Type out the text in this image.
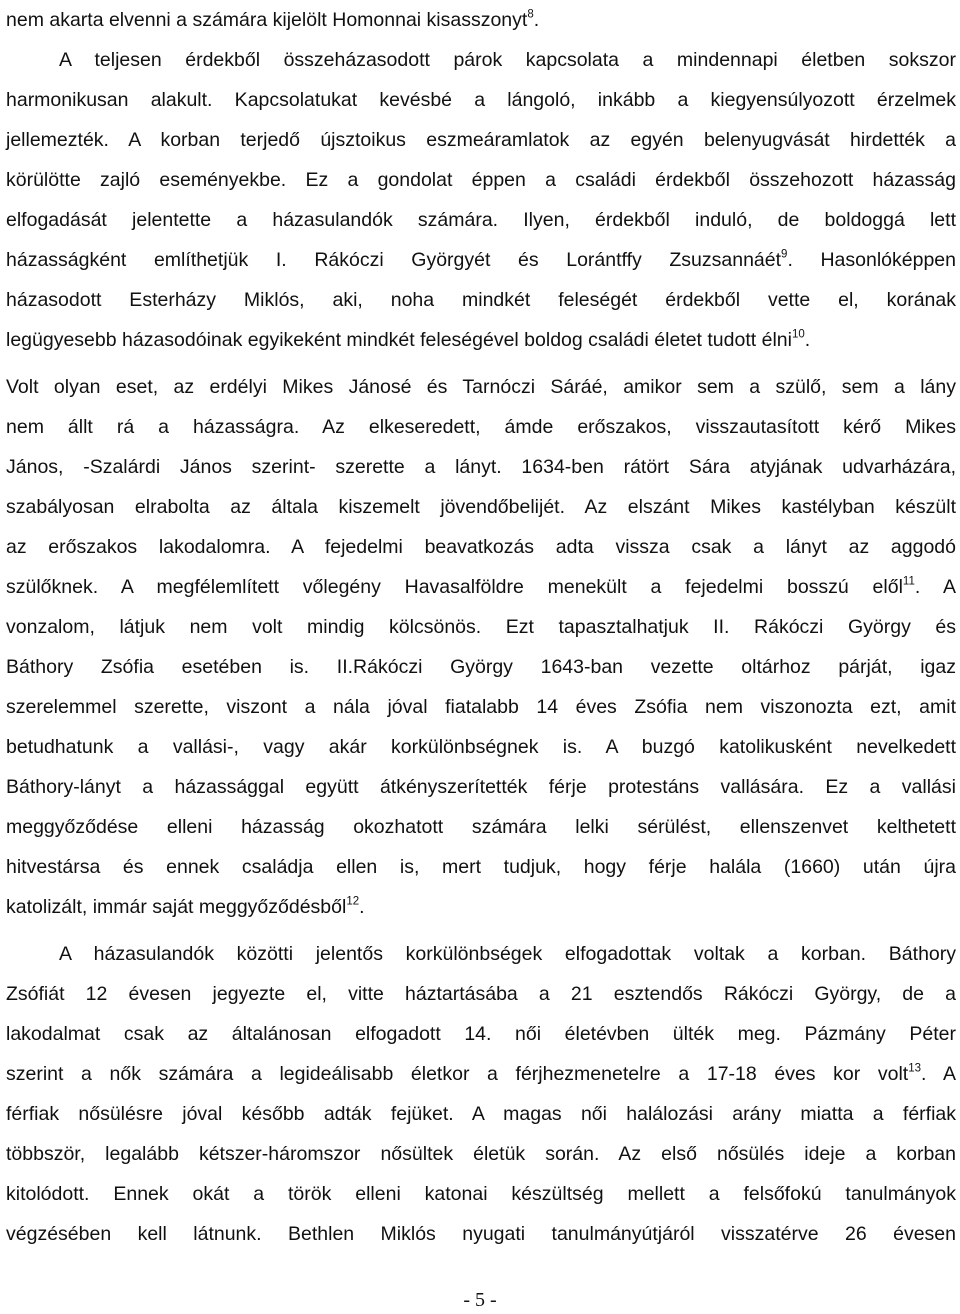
nem akarta elvenni a számára kijelölt Homonnai kisasszonyt$^8$.
A teljesen érdekből összeházasodott párok kapcsolata a mindennapi életben sokszor
harmonikusan alakult. Kapcsolatukat kevésbé a lángoló, inkább a kiegyensúlyozott érzelmek
jellemezték. A korban terjedő újsztoikus eszmeáramlatok az egyén belenyugvását hirdették a
körülötte zajló eseményekbe. Ez a gondolat éppen a családi érdekből összehozott házasság
elfogadását jelentette a házasulandók számára. Ilyen, érdekből induló, de boldoggá lett
házasságként említhetjük I. Rákóczi Györgyét és Lorántffy Zsuzsannáét$^9$. Hasonlóképpen
házasodott Esterházy Miklós, aki, noha mindkét feleségét érdekből vette el, korának
legügyesebb házasodóinak egyikeként mindkét feleségével boldog családi életet tudott élni$^{10}$.
Volt olyan eset, az erdélyi Mikes Jánosé és Tarnóczi Sáráé, amikor sem a szülő, sem a lány
nem állt rá a házasságra. Az elkeseredett, ámde erőszakos, visszautasított kérő Mikes
János, -Szalárdi János szerint- szerette a lányt. 1634-ben rátört Sára atyjának udvarházára,
szabályosan elrabolta az általa kiszemelt jövendőbelijét. Az elszánt Mikes kastélyban készült
az erőszakos lakodalomra. A fejedelmi beavatkozás adta vissza csak a lányt az aggodó
szülőknek. A megfélemlített vőlegény Havasalföldre menekült a fejedelmi bosszú elől$^{11}$. A
vonzalom, látjuk nem volt mindig kölcsönös. Ezt tapasztalhatjuk II. Rákóczi György és
Báthory Zsófia esetében is. II.Rákóczi György 1643-ban vezette oltárhoz párját, igaz
szerelemmel szerette, viszont a nála jóval fiatalabb 14 éves Zsófia nem viszonozta ezt, amit
betudhatunk a vallási-, vagy akár korkülönbségnek is. A buzgó katolikusként nevelkedett
Báthory-lányt a házassággal együtt átkényszerítették férje protestáns vallására. Ez a vallási
meggyőződése elleni házasság okozhatott számára lelki sérülést, ellenszenvet kelthetett
hitvestársa és ennek családja ellen is, mert tudjuk, hogy férje halála (1660) után újra
katolizált, immár saját meggyőződésből$^{12}$.
A házasulandók közötti jelentős korkülönbségek elfogadottak voltak a korban. Báthory
Zsófiát 12 évesen jegyezte el, vitte háztartásába a 21 esztendős Rákóczi György, de a
lakodalmat csak az általánosan elfogadott 14. női életévben ülték meg. Pázmány Péter
szerint a nők számára a legideálisabb életkor a férjhezmenetelre a 17-18 éves kor volt$^{13}$. A
férfiak nősülésre jóval később adták fejüket. A magas női halálozási arány miatta a férfiak
többször, legalább kétszer-háromszor nősültek életük során. Az első nősülés ideje a korban
kitolódott. Ennek okát a török elleni katonai készültség mellett a felsőfokú tanulmányok
végzésében kell látnunk. Bethlen Miklós nyugati tanulmányútjáról visszatérve 26 évesen
- 5 -
